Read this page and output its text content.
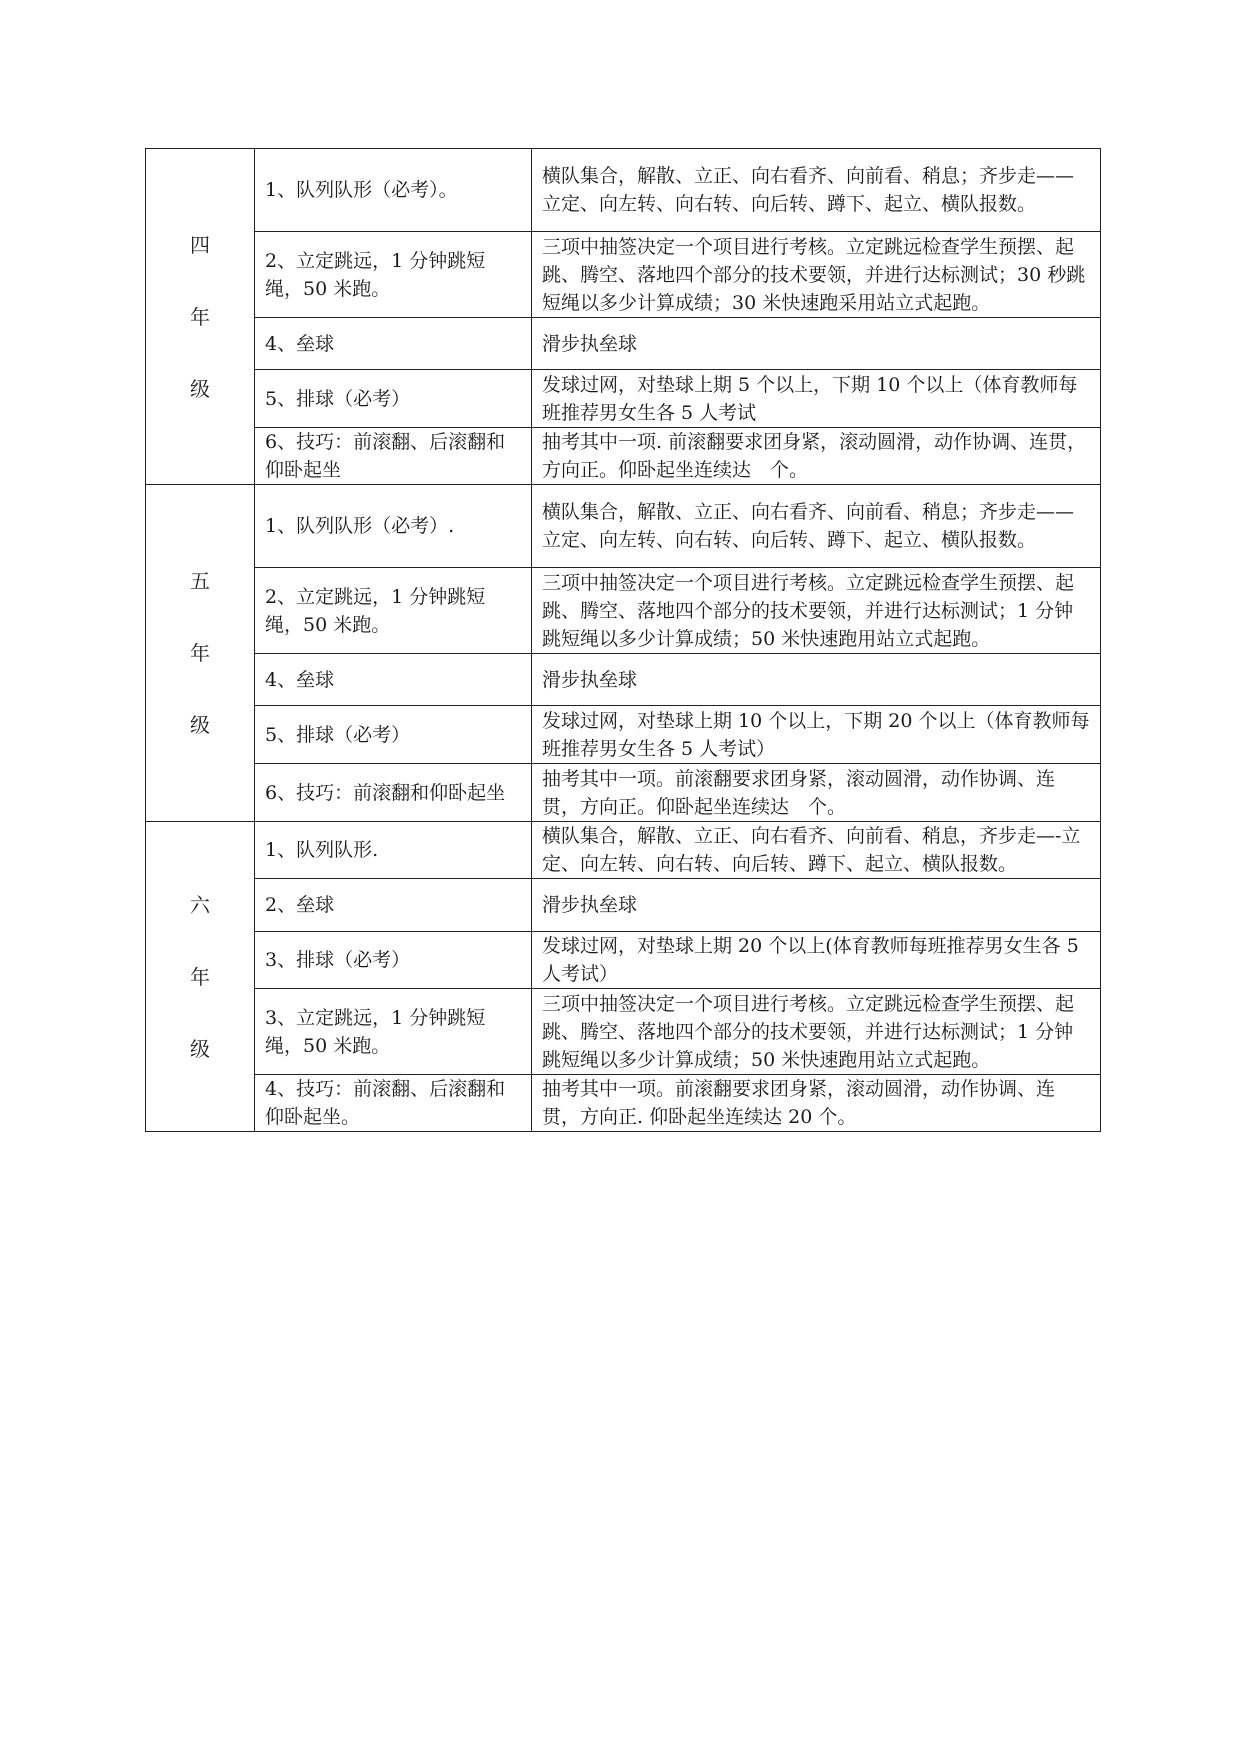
四
年
级	1、队列队形（必考）。	横队集合，解散、立正、向右看齐、向前看、稍息；齐步走——立定、向左转、向右转、向后转、蹲下、起立、横队报数。
	2、立定跳远，1 分钟跳短绳，50 米跑。	三项中抽签决定一个项目进行考核。立定跳远检查学生预摆、起跳、腾空、落地四个部分的技术要领，并进行达标测试；30 秒跳短绳以多少计算成绩；30 米快速跑采用站立式起跑。
	4、垒球	滑步执垒球
	5、排球（必考）	发球过网，对垫球上期 5 个以上，下期 10 个以上（体育教师每班推荐男女生各 5 人考试
	6、技巧：前滚翻、后滚翻和仰卧起坐	抽考其中一项. 前滚翻要求团身紧，滚动圆滑，动作协调、连贯，方向正。仰卧起坐连续达　个。

五
年
级	1、队列队形（必考）.	横队集合，解散、立正、向右看齐、向前看、稍息；齐步走——立定、向左转、向右转、向后转、蹲下、起立、横队报数。
	2、立定跳远，1 分钟跳短绳，50 米跑。	三项中抽签决定一个项目进行考核。立定跳远检查学生预摆、起跳、腾空、落地四个部分的技术要领，并进行达标测试；1 分钟跳短绳以多少计算成绩；50 米快速跑用站立式起跑。
	4、垒球	滑步执垒球
	5、排球（必考）	发球过网，对垫球上期 10 个以上，下期 20 个以上（体育教师每班推荐男女生各 5 人考试）
	6、技巧：前滚翻和仰卧起坐	抽考其中一项。前滚翻要求团身紧，滚动圆滑，动作协调、连贯，方向正。仰卧起坐连续达　个。

六
年
级	1、队列队形.	横队集合，解散、立正、向右看齐、向前看、稍息，齐步走—-立定、向左转、向右转、向后转、蹲下、起立、横队报数。
	2、垒球	滑步执垒球
	3、排球（必考）	发球过网，对垫球上期 20 个以上(体育教师每班推荐男女生各 5 人考试）
	3、立定跳远，1 分钟跳短绳，50 米跑。	三项中抽签决定一个项目进行考核。立定跳远检查学生预摆、起跳、腾空、落地四个部分的技术要领，并进行达标测试；1 分钟跳短绳以多少计算成绩；50 米快速跑用站立式起跑。
	4、技巧：前滚翻、后滚翻和仰卧起坐。	抽考其中一项。前滚翻要求团身紧，滚动圆滑，动作协调、连贯，方向正. 仰卧起坐连续达 20 个。
